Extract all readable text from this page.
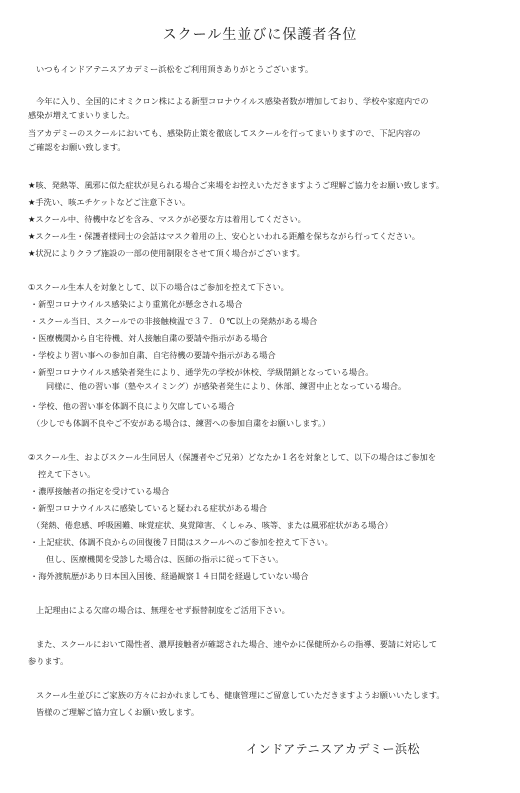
スクール生並びに保護者各位
いつもインドアテニスアカデミー浜松をご利用頂きありがとうございます。
今年に入り、全国的にオミクロン株による新型コロナウイルス感染者数が増加しており、学校や家庭内での
感染が増えてまいりました。
当アカデミーのスクールにおいても、感染防止策を徹底してスクールを行ってまいりますので、下記内容の
ご確認をお願い致します。
★咳、発熱等、風邪に似た症状が見られる場合ご来場をお控えいただきますようご理解ご協力をお願い致します。
★手洗い、咳エチケットなどご注意下さい。
★スクール中、待機中などを含み、マスクが必要な方は着用してください。
★スクール生・保護者様同士の会話はマスク着用の上、安心といわれる距離を保ちながら行ってください。
★状況によりクラブ施設の一部の使用制限をさせて頂く場合がございます。
①スクール生本人を対象として、以下の場合はご参加を控えて下さい。
・新型コロナウイルス感染により重篤化が懸念される場合
・スクール当日、スクールでの非接触検温で３７．０℃以上の発熱がある場合
・医療機関から自宅待機、対人接触自粛の要請や指示がある場合
・学校より習い事への参加自粛、自宅待機の要請や指示がある場合
・新型コロナウイルス感染者発生により、通学先の学校が休校、学級閉鎖となっている場合。
同様に、他の習い事（塾やスイミング）が感染者発生により、休部、練習中止となっている場合。
・学校、他の習い事を体調不良により欠席している場合
（少しでも体調不良やご不安がある場合は、練習への参加自粛をお願いします。）
②スクール生、およびスクール生同居人（保護者やご兄弟）どなたか１名を対象として、以下の場合はご参加を
控えて下さい。
・濃厚接触者の指定を受けている場合
・新型コロナウイルスに感染していると疑われる症状がある場合
（発熱、倦怠感、呼吸困難、味覚症状、臭覚障害、くしゃみ、咳等、または風邪症状がある場合）
・上記症状、体調不良からの回復後７日間はスクールへのご参加を控えて下さい。
但し、医療機関を受診した場合は、医師の指示に従って下さい。
・海外渡航歴があり日本国入国後、経過観察１４日間を経過していない場合
上記理由による欠席の場合は、無理をせず振替制度をご活用下さい。
また、スクールにおいて陽性者、濃厚接触者が確認された場合、速やかに保健所からの指導、要請に対応して
参ります。
スクール生並びにご家族の方々におかれましても、健康管理にご留意していただきますようお願いいたします。
皆様のご理解ご協力宜しくお願い致します。
インドアテニスアカデミー浜松
